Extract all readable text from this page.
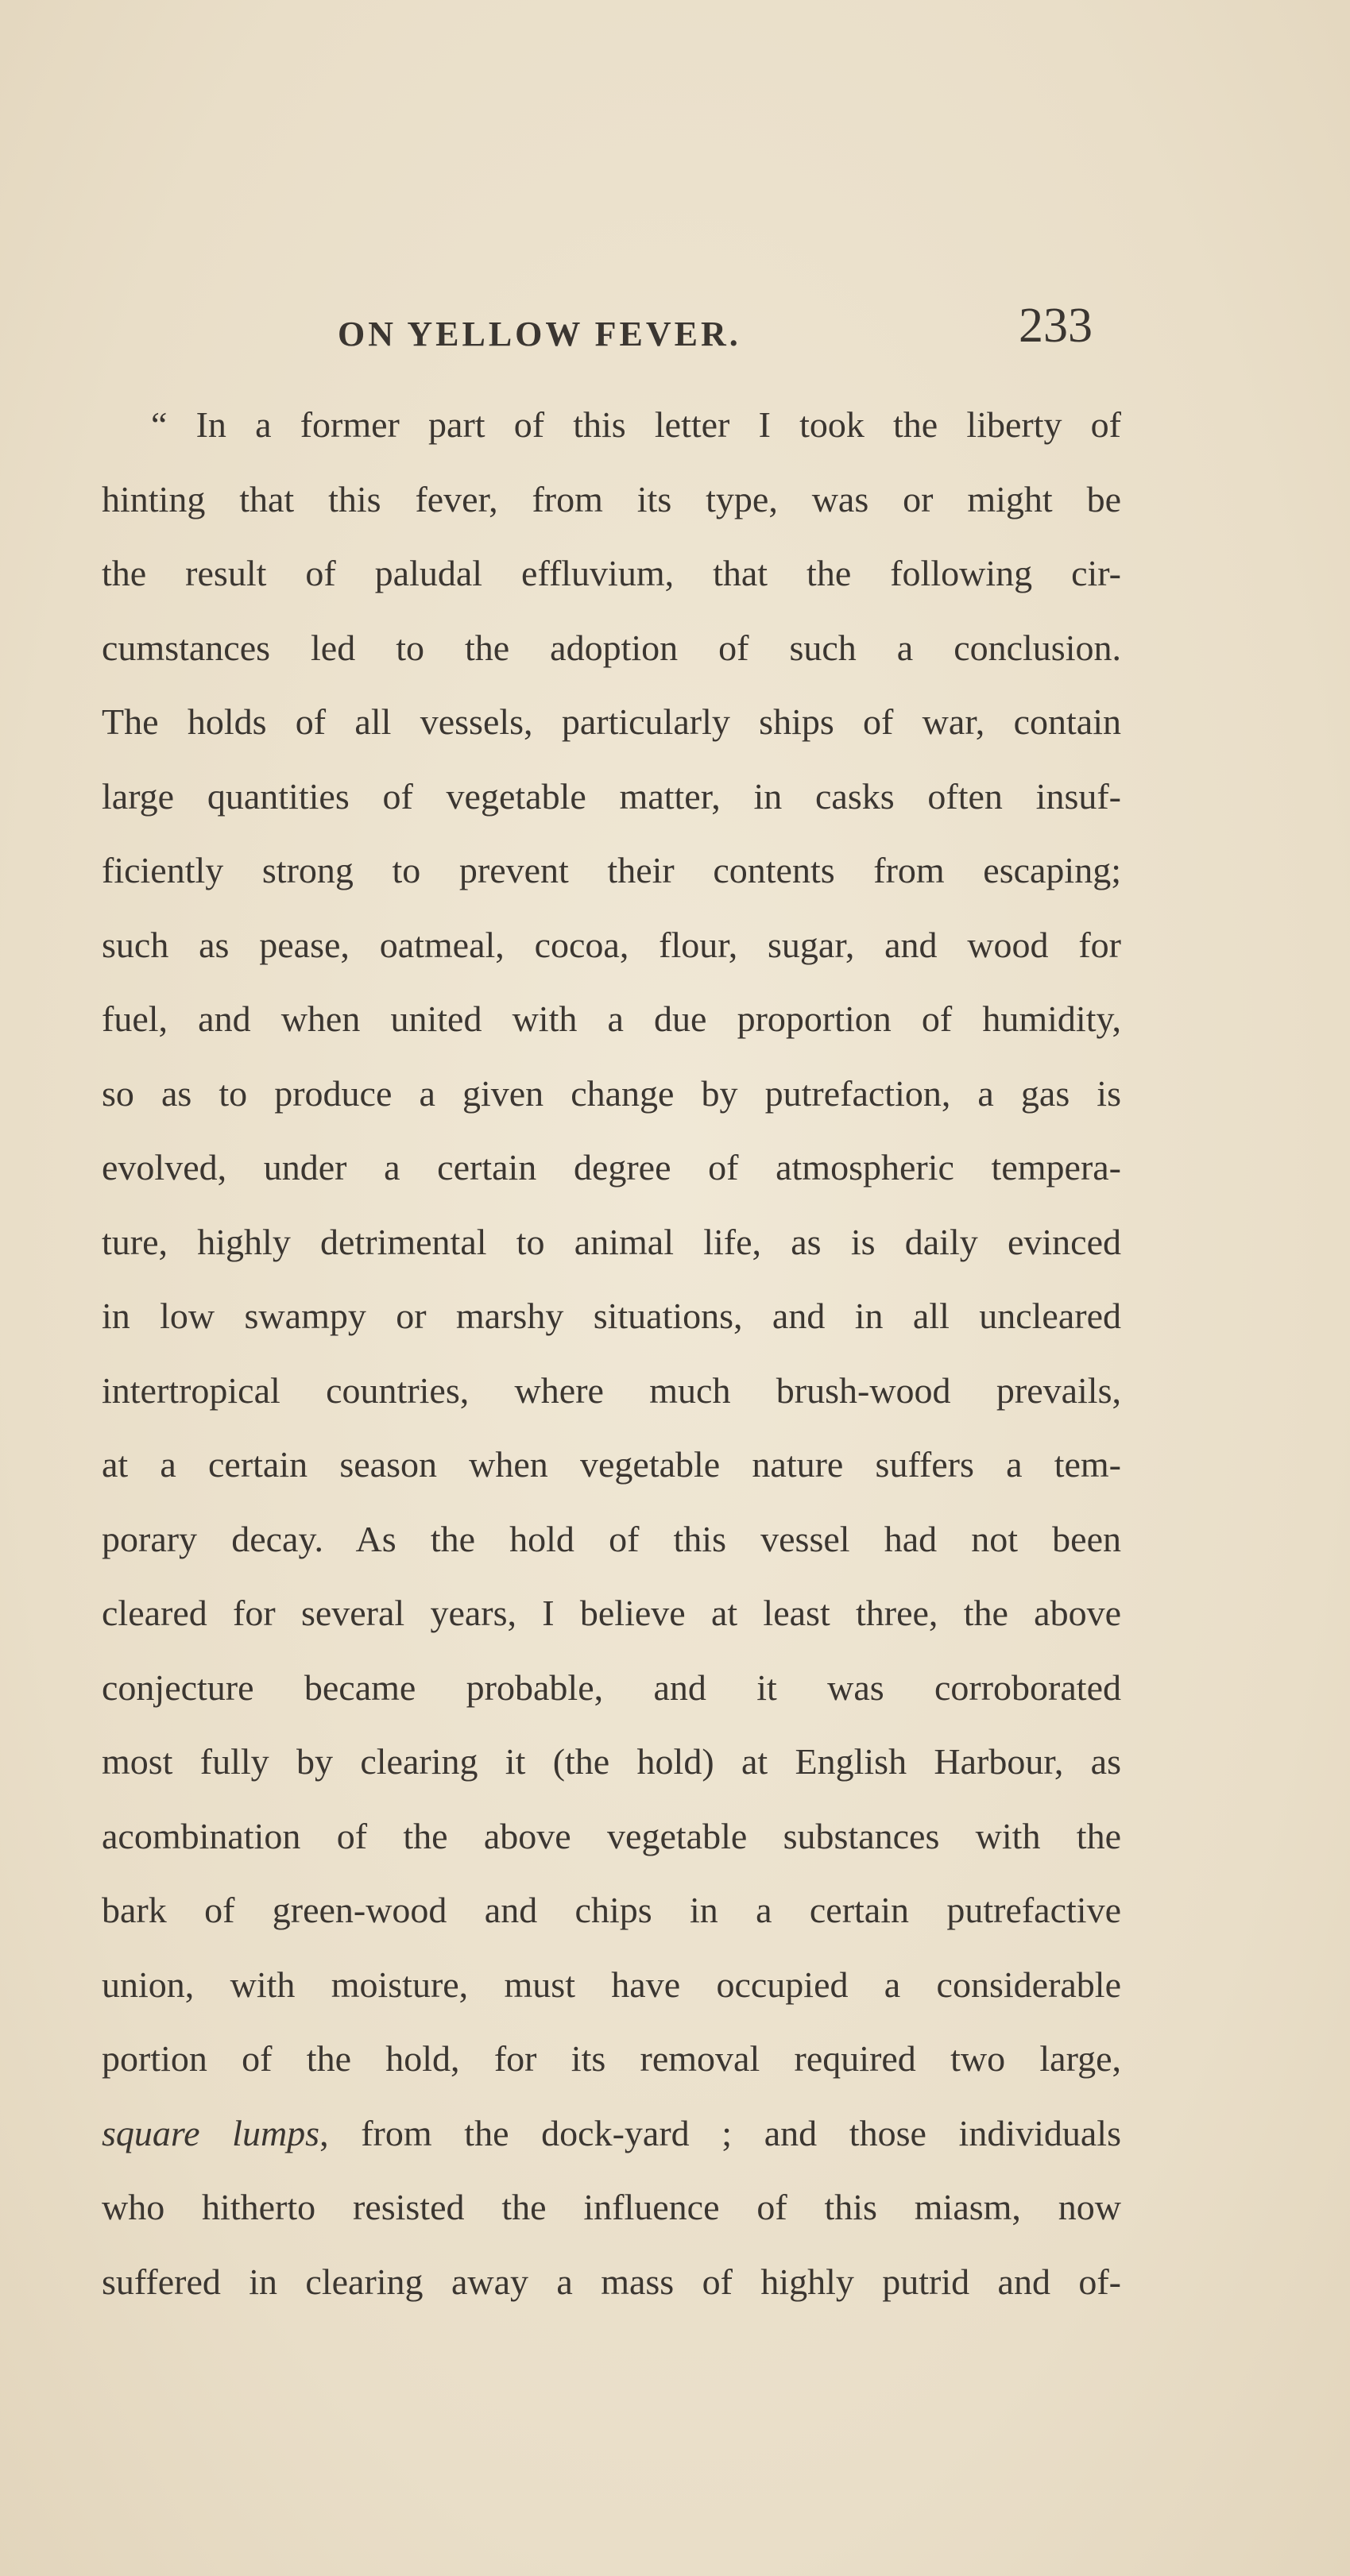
ON YELLOW FEVER.	233
“ In a former part of this letter I took the liberty of
hinting that this fever, from its type, was or might be
the result of paludal effluvium, that the following cir-
cumstances led to the adoption of such a conclusion.
The holds of all vessels, particularly ships of war, contain
large quantities of vegetable matter, in casks often insuf-
ficiently strong to prevent their contents from escaping;
such as pease, oatmeal, cocoa, flour, sugar, and wood for
fuel, and when united with a due proportion of humidity,
so as to produce a given change by putrefaction, a gas is
evolved, under a certain degree of atmospheric tempera-
ture, highly detrimental to animal life, as is daily evinced
in low swampy or marshy situations, and in all uncleared
intertropical countries, where much brush-wood prevails,
at a certain season when vegetable nature suffers a tem-
porary decay. As the hold of this vessel had not been
cleared for several years, I believe at least three, the above
conjecture became probable, and it was corroborated
most fully by clearing it (the hold) at English Harbour, as
acombination of the above vegetable substances with the
bark of green-wood and chips in a certain putrefactive
union, with moisture, must have occupied a considerable
portion of the hold, for its removal required two large,
square lumps, from the dock-yard ; and those individuals
who hitherto resisted the influence of this miasm, now
suffered in clearing away a mass of highly putrid and of-
